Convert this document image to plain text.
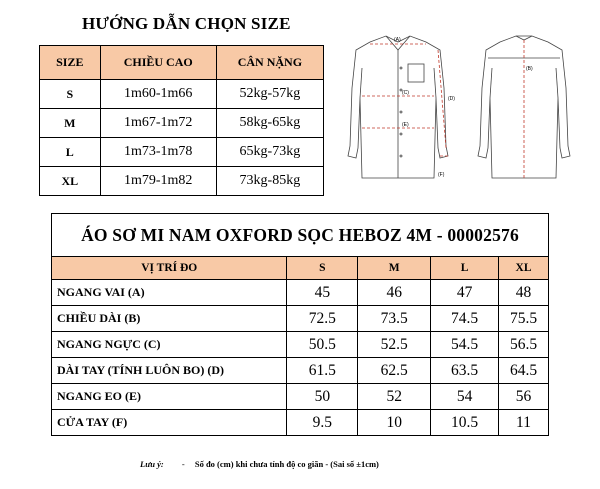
HƯỚNG DẪN CHỌN SIZE
SIZE	CHIỀU CAO	CÂN NẶNG
S	1m60-1m66	52kg-57kg
M	1m67-1m72	58kg-65kg
L	1m73-1m78	65kg-73kg
XL	1m79-1m82	73kg-85kg
(A)
(D)
(C)
(E)
(F)
(B)
ÁO SƠ MI NAM OXFORD SỌC HEBOZ 4M - 00002576				
VỊ TRÍ ĐO	S	M	L	XL
NGANG VAI (A)	45	46	47	48
CHIỀU DÀI (B)	72.5	73.5	74.5	75.5
NGANG NGỰC (C)	50.5	52.5	54.5	56.5
DÀI TAY (TÍNH LUÔN BO) (D)	61.5	62.5	63.5	64.5
NGANG EO (E)	50	52	54	56
CỬA TAY (F)	9.5	10	10.5	11
Lưu ý: - Số đo (cm) khi chưa tính độ co giãn - (Sai số ±1cm)
